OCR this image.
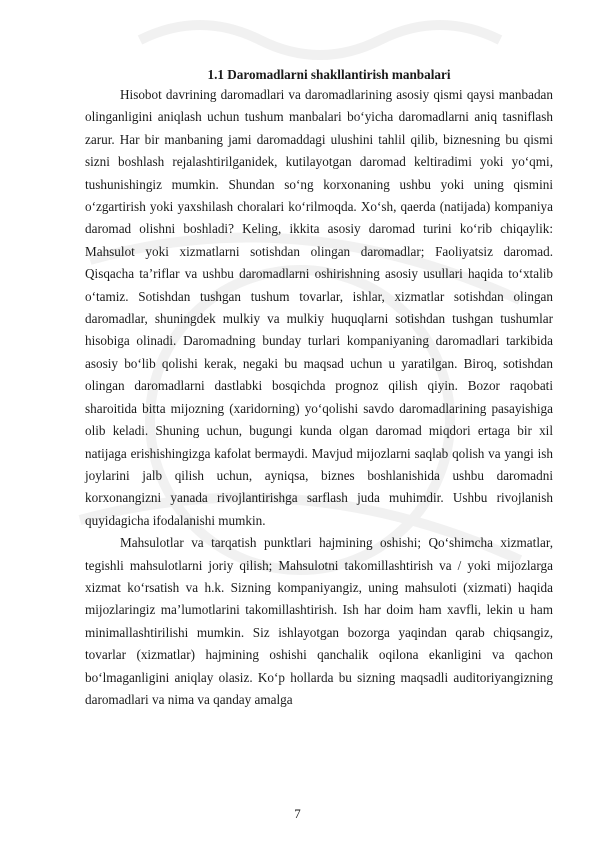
1.1 Daromadlarni shakllantirish manbalari

Hisobot davrining daromadlari va daromadlarining asosiy qismi qaysi manbadan olinganligini aniqlash uchun tushum manbalari bo‘yicha daromadlarni aniq tasniflash zarur. Har bir manbaning jami daromaddagi ulushini tahlil qilib, biznesning bu qismi sizni boshlash rejalashtirilganidek, kutilayotgan daromad keltiradimi yoki yo‘qmi, tushunishingiz mumkin. Shundan so‘ng korxonaning ushbu yoki uning qismini o‘zgartirish yoki yaxshilash choralari ko‘rilmoqda. Xo‘sh, qaerda (natijada) kompaniya daromad olishni boshladi? Keling, ikkita asosiy daromad turini ko‘rib chiqaylik: Mahsulot yoki xizmatlarni sotishdan olingan daromadlar; Faoliyatsiz daromad. Qisqacha ta’riflar va ushbu daromadlarni oshirishning asosiy usullari haqida to‘xtalib o‘tamiz. Sotishdan tushgan tushum tovarlar, ishlar, xizmatlar sotishdan olingan daromadlar, shuningdek mulkiy va mulkiy huquqlarni sotishdan tushgan tushumlar hisobiga olinadi. Daromadning bunday turlari kompaniyaning daromadlari tarkibida asosiy bo‘lib qolishi kerak, negaki bu maqsad uchun u yaratilgan. Biroq, sotishdan olingan daromadlarni dastlabki bosqichda prognoz qilish qiyin. Bozor raqobati sharoitida bitta mijozning (xaridorning) yo‘qolishi savdo daromadlarining pasayishiga olib keladi. Shuning uchun, bugungi kunda olgan daromad miqdori ertaga bir xil natijaga erishishingizga kafolat bermaydi. Mavjud mijozlarni saqlab qolish va yangi ish joylarini jalb qilish uchun, ayniqsa, biznes boshlanishida ushbu daromadni korxonangizni yanada rivojlantirishga sarflash juda muhimdir. Ushbu rivojlanish quyidagicha ifodalanishi mumkin.

Mahsulotlar va tarqatish punktlari hajmining oshishi; Qo‘shimcha xizmatlar, tegishli mahsulotlarni joriy qilish; Mahsulotni takomillashtirish va / yoki mijozlarga xizmat ko‘rsatish va h.k. Sizning kompaniyangiz, uning mahsuloti (xizmati) haqida mijozlaringiz ma’lumotlarini takomillashtirish. Ish har doim ham xavfli, lekin u ham minimallashtirilishi mumkin. Siz ishlayotgan bozorga yaqindan qarab chiqsangiz, tovarlar (xizmatlar) hajmining oshishi qanchalik oqilona ekanligini va qachon bo‘lmaganligini aniqlay olasiz. Ko‘p hollarda bu sizning maqsadli auditoriyangizning daromadlari va nima va qanday amalga

7
